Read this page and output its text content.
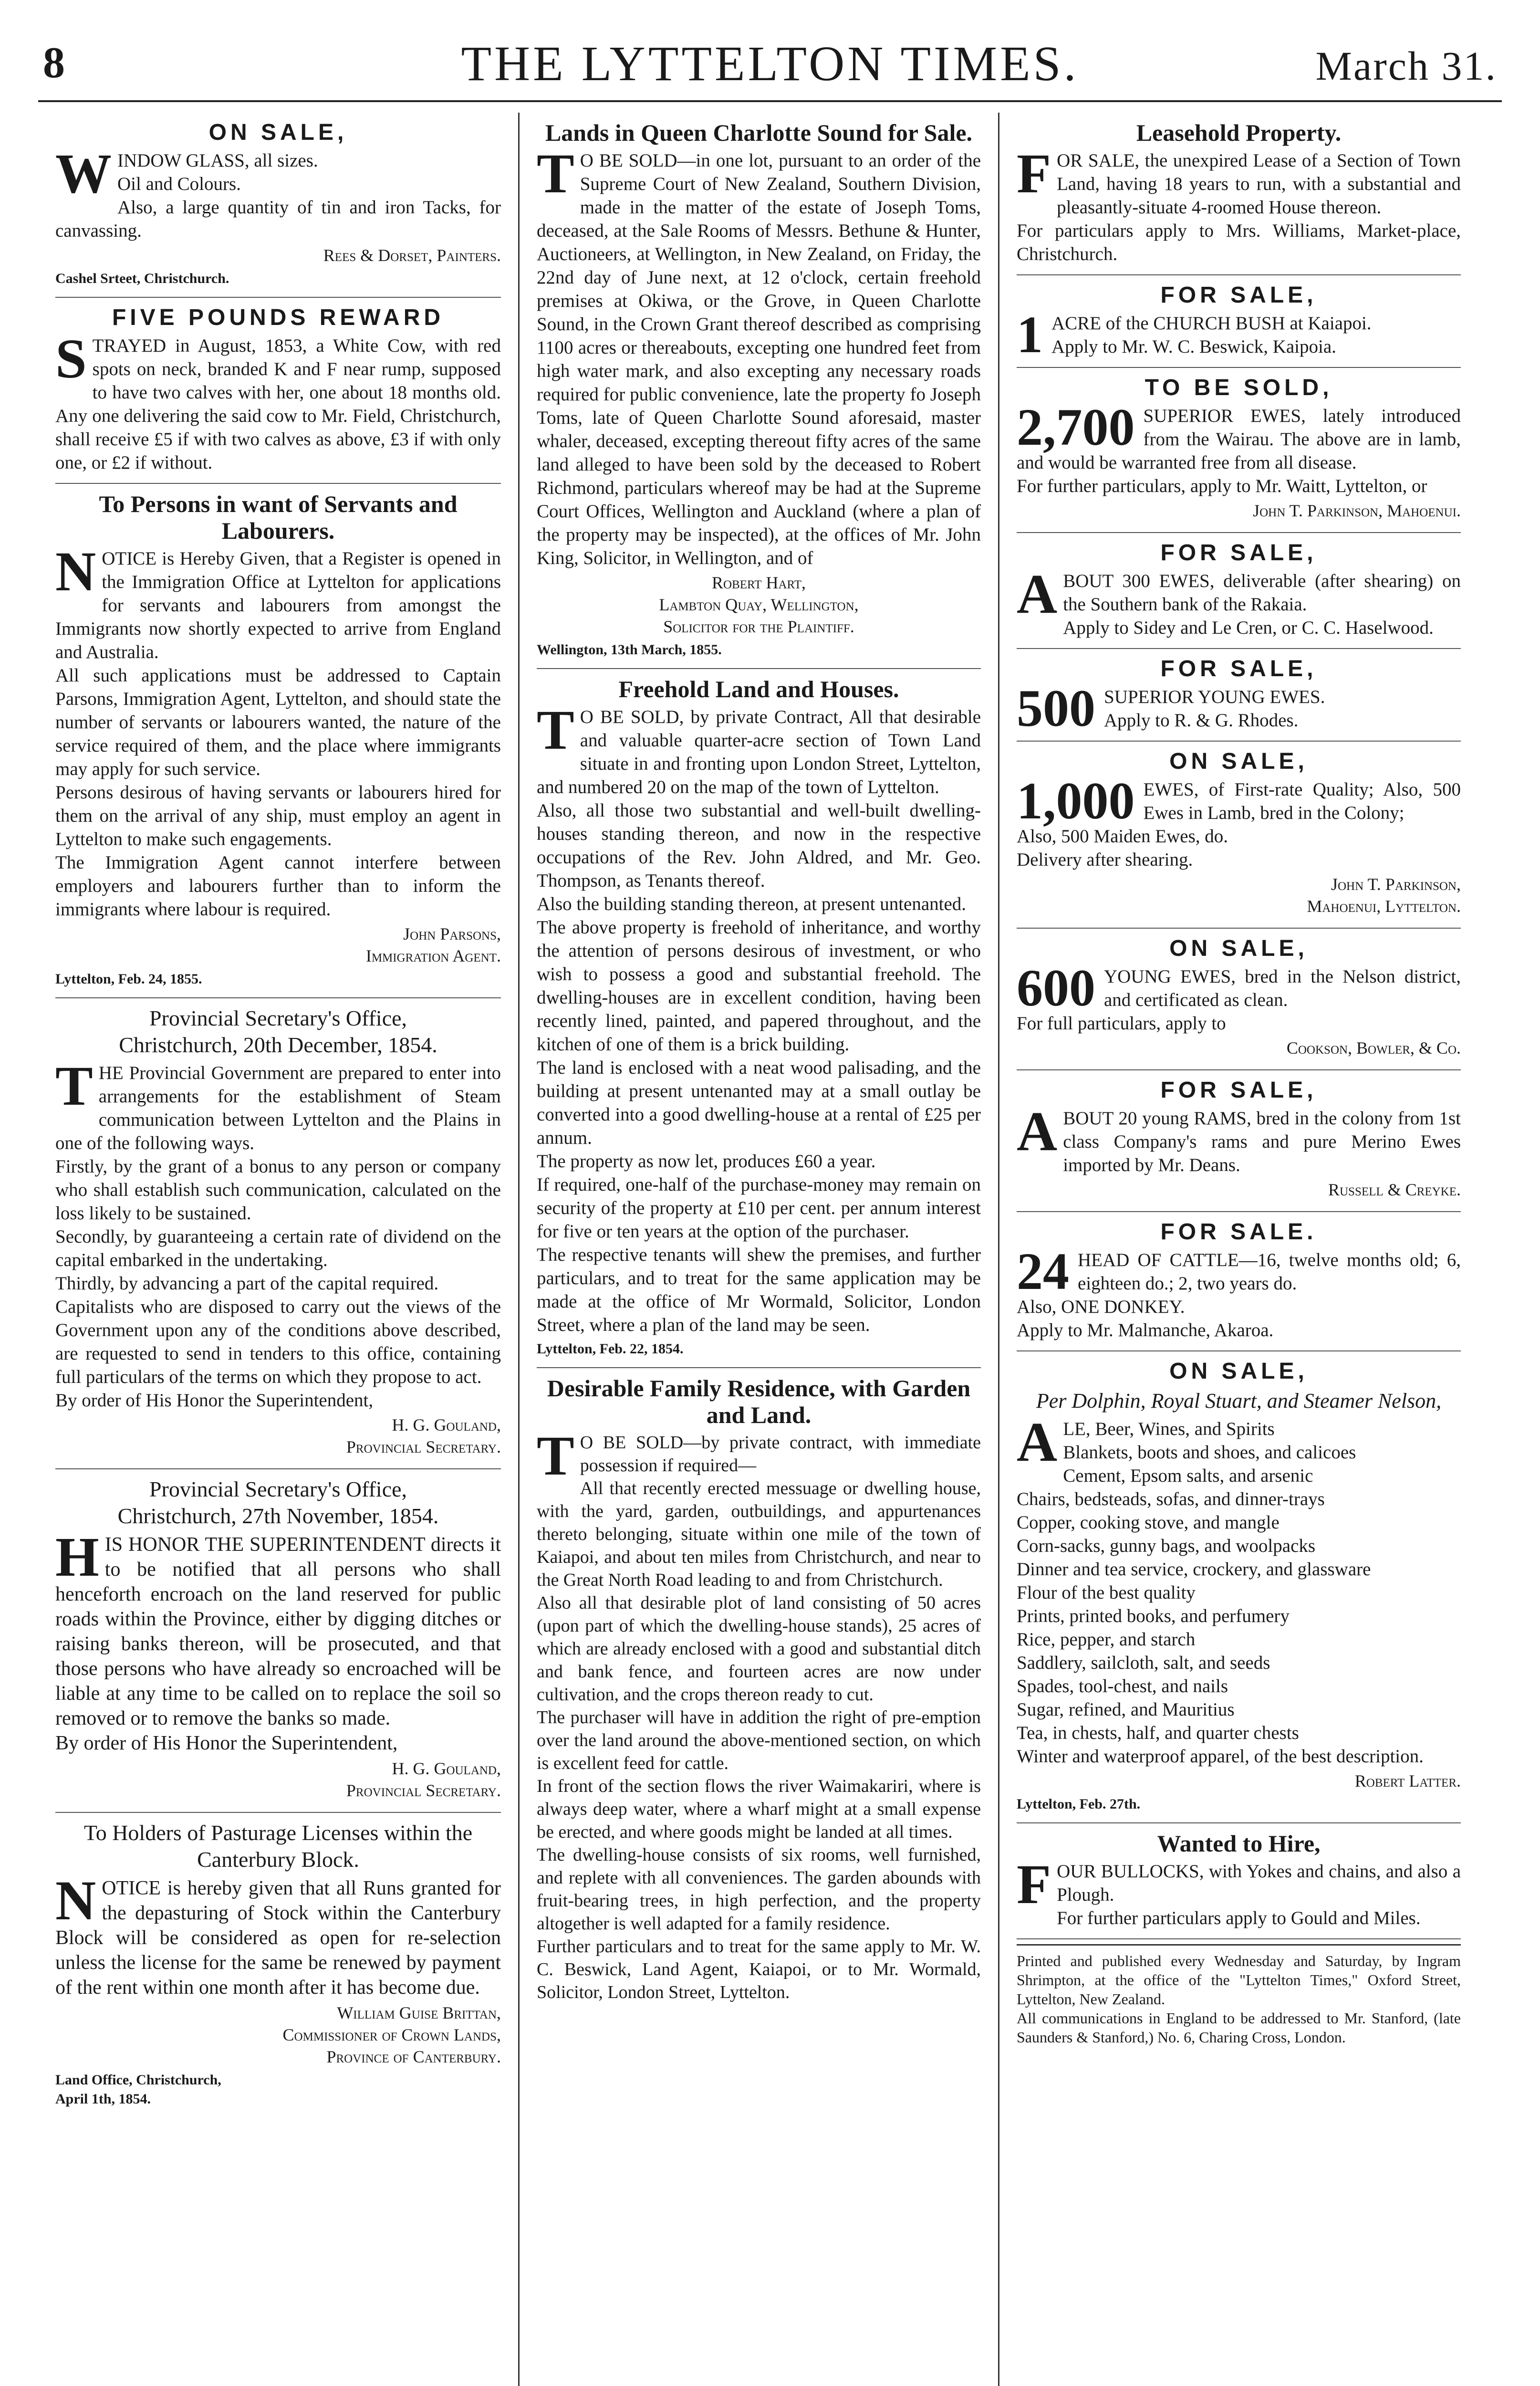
8	THE LYTTELTON TIMES.	March 31.
ON SALE,

WINDOW GLASS, all sizes.
Oil and Colours.
Also, a large quantity of tin and iron Tacks, for canvassing.

Rees & Dorset, Painters.
Cashel Srteet, Christchurch.
FIVE POUNDS REWARD

STRAYED in August, 1853, a White Cow, with red spots on neck, branded K and F near rump, supposed to have two calves with her, one about 18 months old. Any one delivering the said cow to Mr. Field, Christchurch, shall receive £5 if with two calves as above, £3 if with only one, or £2 if without.

To Persons in want of Servants and Labourers.

NOTICE is Hereby Given, that a Register is opened in the Immigration Office at Lyttelton for applications for servants and labourers from amongst the Immigrants now shortly expected to arrive from England and Australia.
All such applications must be addressed to Captain Parsons, Immigration Agent, Lyttelton, and should state the number of servants or labourers wanted, the nature of the service required of them, and the place where immigrants may apply for such service.
Persons desirous of having servants or labourers hired for them on the arrival of any ship, must employ an agent in Lyttelton to make such engagements.
The Immigration Agent cannot interfere between employers and labourers further than to inform the immigrants where labour is required.

John Parsons,
Immigration Agent.
Lyttelton, Feb. 24, 1855.
Provincial Secretary's Office,
Christchurch, 20th December, 1854.

THE Provincial Government are prepared to enter into arrangements for the establishment of Steam communication between Lyttelton and the Plains in one of the following ways.
Firstly, by the grant of a bonus to any person or company who shall establish such communication, calculated on the loss likely to be sustained.
Secondly, by guaranteeing a certain rate of dividend on the capital embarked in the undertaking.
Thirdly, by advancing a part of the capital required.
Capitalists who are disposed to carry out the views of the Government upon any of the conditions above described, are requested to send in tenders to this office, containing full particulars of the terms on which they propose to act.
By order of His Honor the Superintendent,

H. G. Gouland,
Provincial Secretary.
Provincial Secretary's Office,
Christchurch, 27th November, 1854.

HIS HONOR THE SUPERINTENDENT directs it to be notified that all persons who shall henceforth encroach on the land reserved for public roads within the Province, either by digging ditches or raising banks thereon, will be prosecuted, and that those persons who have already so encroached will be liable at any time to be called on to replace the soil so removed or to remove the banks so made.
By order of His Honor the Superintendent,

H. G. Gouland,
Provincial Secretary.
To Holders of Pasturage Licenses within the Canterbury Block.

NOTICE is hereby given that all Runs granted for the depasturing of Stock within the Canterbury Block will be considered as open for re-selection unless the license for the same be renewed by payment of the rent within one month after it has become due.

William Guise Brittan,
Commissioner of Crown Lands,
Province of Canterbury.
Land Office, Christchurch,
April 1th, 1854.
Lands in Queen Charlotte Sound for Sale.

T O BE SOLD—in one lot, pursuant to an order of the Supreme Court of New Zealand, Southern Division, made in the matter of the estate of Joseph Toms, deceased, at the Sale Rooms of Messrs. Bethune & Hunter, Auctioneers, at Wellington, in New Zealand, on Friday, the 22nd day of June next, at 12 o'clock, certain freehold premises at Okiwa, or the Grove, in Queen Charlotte Sound, in the Crown Grant thereof described as comprising 1100 acres or thereabouts, excepting one hundred feet from high water mark, and also excepting any necessary roads required for public convenience, late the property fo Joseph Toms, late of Queen Charlotte Sound aforesaid, master whaler, deceased, excepting thereout fifty acres of the same land alleged to have been sold by the deceased to Robert Richmond, particulars whereof may be had at the Supreme Court Offices, Wellington and Auckland (where a plan of the property may be inspected), at the offices of Mr. John King, Solicitor, in Wellington, and of

Robert Hart,
Lambton Quay, Wellington,
Solicitor for the Plaintiff.
Wellington, 13th March, 1855.
Freehold Land and Houses.

T O BE SOLD, by private Contract, All that desirable and valuable quarter-acre section of Town Land situate in and fronting upon London Street, Lyttelton, and numbered 20 on the map of the town of Lyttelton.
Also, all those two substantial and well-built dwelling-houses standing thereon, and now in the respective occupations of the Rev. John Aldred, and Mr. Geo. Thompson, as Tenants thereof.
Also the building standing thereon, at present untenanted.
The above property is freehold of inheritance, and worthy the attention of persons desirous of investment, or who wish to possess a good and substantial freehold. The dwelling-houses are in excellent condition, having been recently lined, painted, and papered throughout, and the kitchen of one of them is a brick building.
The land is enclosed with a neat wood palisading, and the building at present untenanted may at a small outlay be converted into a good dwelling-house at a rental of £25 per annum.
The property as now let, produces £60 a year.
If required, one-half of the purchase-money may remain on security of the property at £10 per cent. per annum interest for five or ten years at the option of the purchaser.
The respective tenants will shew the premises, and further particulars, and to treat for the same application may be made at the office of Mr Wormald, Solicitor, London Street, where a plan of the land may be seen.

Lyttelton, Feb. 22, 1854.
Desirable Family Residence, with Garden and Land.

T O BE SOLD—by private contract, with immediate possession if required—
All that recently erected messuage or dwelling house, with the yard, garden, outbuildings, and appurtenances thereto belonging, situate within one mile of the town of Kaiapoi, and about ten miles from Christchurch, and near to the Great North Road leading to and from Christchurch.
Also all that desirable plot of land consisting of 50 acres (upon part of which the dwelling-house stands), 25 acres of which are already enclosed with a good and substantial ditch and bank fence, and fourteen acres are now under cultivation, and the crops thereon ready to cut.
The purchaser will have in addition the right of pre-emption over the land around the above-mentioned section, on which is excellent feed for cattle.
In front of the section flows the river Waimakariri, where is always deep water, where a wharf might at a small expense be erected, and where goods might be landed at all times.
The dwelling-house consists of six rooms, well furnished, and replete with all conveniences. The garden abounds with fruit-bearing trees, in high perfection, and the property altogether is well adapted for a family residence.
Further particulars and to treat for the same apply to Mr. W. C. Beswick, Land Agent, Kaiapoi, or to Mr. Wormald, Solicitor, London Street, Lyttelton.

Leasehold Property.

FOR SALE, the unexpired Lease of a Section of Town Land, having 18 years to run, with a substantial and pleasantly-situate 4-roomed House thereon.
For particulars apply to Mrs. Williams, Market-place, Christchurch.

FOR SALE,

1 ACRE of the CHURCH BUSH at Kaiapoi.
Apply to Mr. W. C. Beswick, Kaipoia.

TO BE SOLD,

2,700 SUPERIOR EWES, lately introduced from the Wairau. The above are in lamb, and would be warranted free from all disease.
For further particulars, apply to Mr. Waitt, Lyttelton, or

John T. Parkinson, Mahoenui.
FOR SALE,

ABOUT 300 EWES, deliverable (after shearing) on the Southern bank of the Rakaia.
Apply to Sidey and Le Cren, or C. C. Haselwood.

FOR SALE,

500 SUPERIOR YOUNG EWES.
Apply to R. & G. Rhodes.

ON SALE,

1,000 EWES, of First-rate Quality; Also, 500 Ewes in Lamb, bred in the Colony;
Also, 500 Maiden Ewes, do.
Delivery after shearing.

John T. Parkinson,
Mahoenui, Lyttelton.
ON SALE,

600 YOUNG EWES, bred in the Nelson district, and certificated as clean.
For full particulars, apply to

Cookson, Bowler, & Co.
FOR SALE,

ABOUT 20 young RAMS, bred in the colony from 1st class Company's rams and pure Merino Ewes imported by Mr. Deans.

Russell & Creyke.
FOR SALE.

24 HEAD OF CATTLE—16, twelve months old; 6, eighteen do.; 2, two years do.
Also, ONE DONKEY.
Apply to Mr. Malmanche, Akaroa.

ON SALE,
Per Dolphin, Royal Stuart, and Steamer Nelson,

ALE, Beer, Wines, and Spirits
Blankets, boots and shoes, and calicoes
Cement, Epsom salts, and arsenic
Chairs, bedsteads, sofas, and dinner-trays
Copper, cooking stove, and mangle
Corn-sacks, gunny bags, and woolpacks
Dinner and tea service, crockery, and glassware
Flour of the best quality
Prints, printed books, and perfumery
Rice, pepper, and starch
Saddlery, sailcloth, salt, and seeds
Spades, tool-chest, and nails
Sugar, refined, and Mauritius
Tea, in chests, half, and quarter chests
Winter and waterproof apparel, of the best description.

Robert Latter.
Lyttelton, Feb. 27th.
Wanted to Hire,

FOUR BULLOCKS, with Yokes and chains, and also a Plough.
For further particulars apply to Gould and Miles.

Printed and published every Wednesday and Saturday, by Ingram Shrimpton, at the office of the "Lyttelton Times," Oxford Street, Lyttelton, New Zealand.
All communications in England to be addressed to Mr. Stanford, (late Saunders & Stanford,) No. 6, Charing Cross, London.
